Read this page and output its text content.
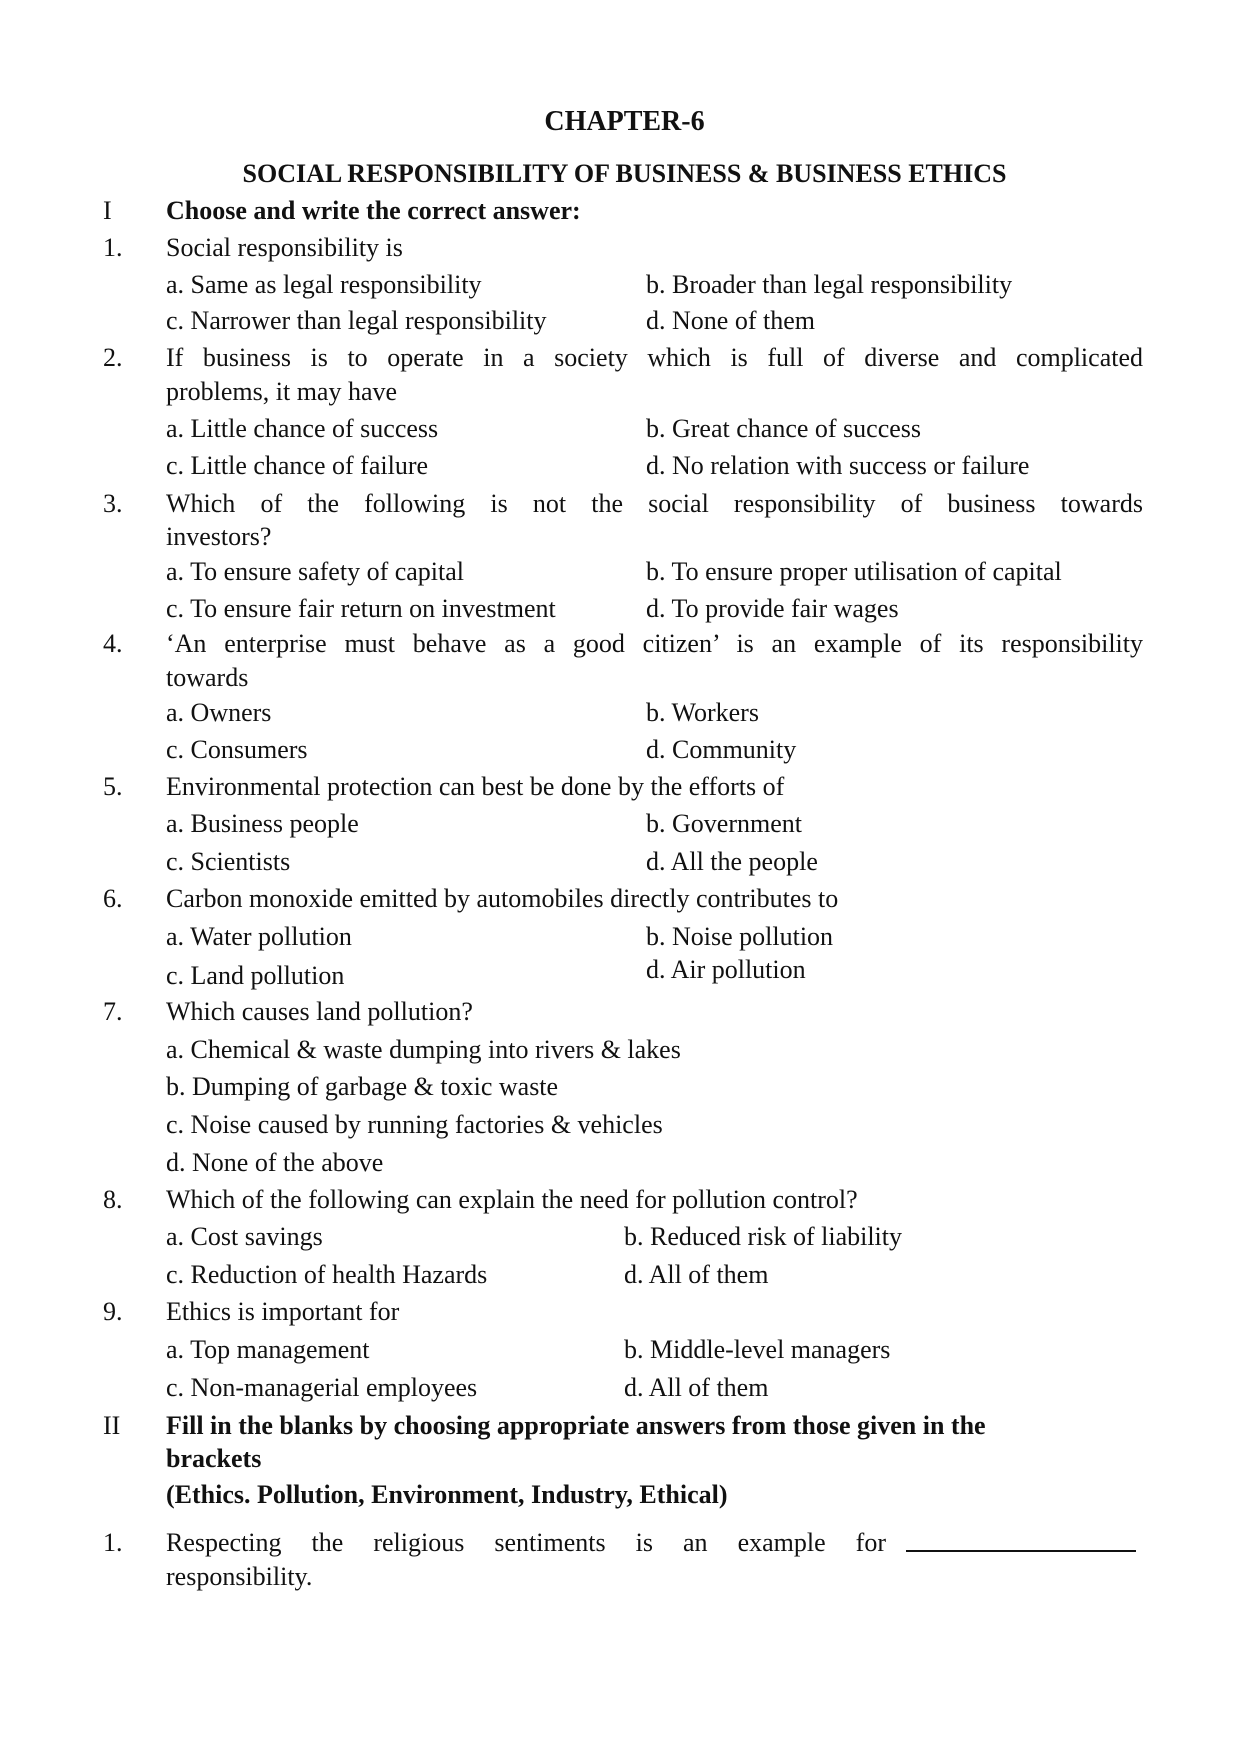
CHAPTER-6
SOCIAL RESPONSIBILITY OF BUSINESS & BUSINESS ETHICS
I Choose and write the correct answer:
1. Social responsibility is
a. Same as legal responsibility	b. Broader than legal responsibility
c. Narrower than legal responsibility	d. None of them
2. If business is to operate in a society which is full of diverse and complicated
problems, it may have
a. Little chance of success	b. Great chance of success
c. Little chance of failure	d. No relation with success or failure
3. Which of the following is not the social responsibility of business towards
investors?
a. To ensure safety of capital	b. To ensure proper utilisation of capital
c. To ensure fair return on investment	d. To provide fair wages
4. ‘An enterprise must behave as a good citizen’ is an example of its responsibility
towards
a. Owners	b. Workers
c. Consumers	d. Community
5. Environmental protection can best be done by the efforts of
a. Business people	b. Government
c. Scientists	d. All the people
6. Carbon monoxide emitted by automobiles directly contributes to
a. Water pollution	b. Noise pollution
c. Land pollution	d. Air pollution
7. Which causes land pollution?
a. Chemical & waste dumping into rivers & lakes
b. Dumping of garbage & toxic waste
c. Noise caused by running factories & vehicles
d. None of the above
8. Which of the following can explain the need for pollution control?
a. Cost savings	b. Reduced risk of liability
c. Reduction of health Hazards	d. All of them
9. Ethics is important for
a. Top management	b. Middle-level managers
c. Non-managerial employees	d. All of them
II Fill in the blanks by choosing appropriate answers from those given in the
brackets
(Ethics. Pollution, Environment, Industry, Ethical)
1. Respecting the religious sentiments is an example for
responsibility.
